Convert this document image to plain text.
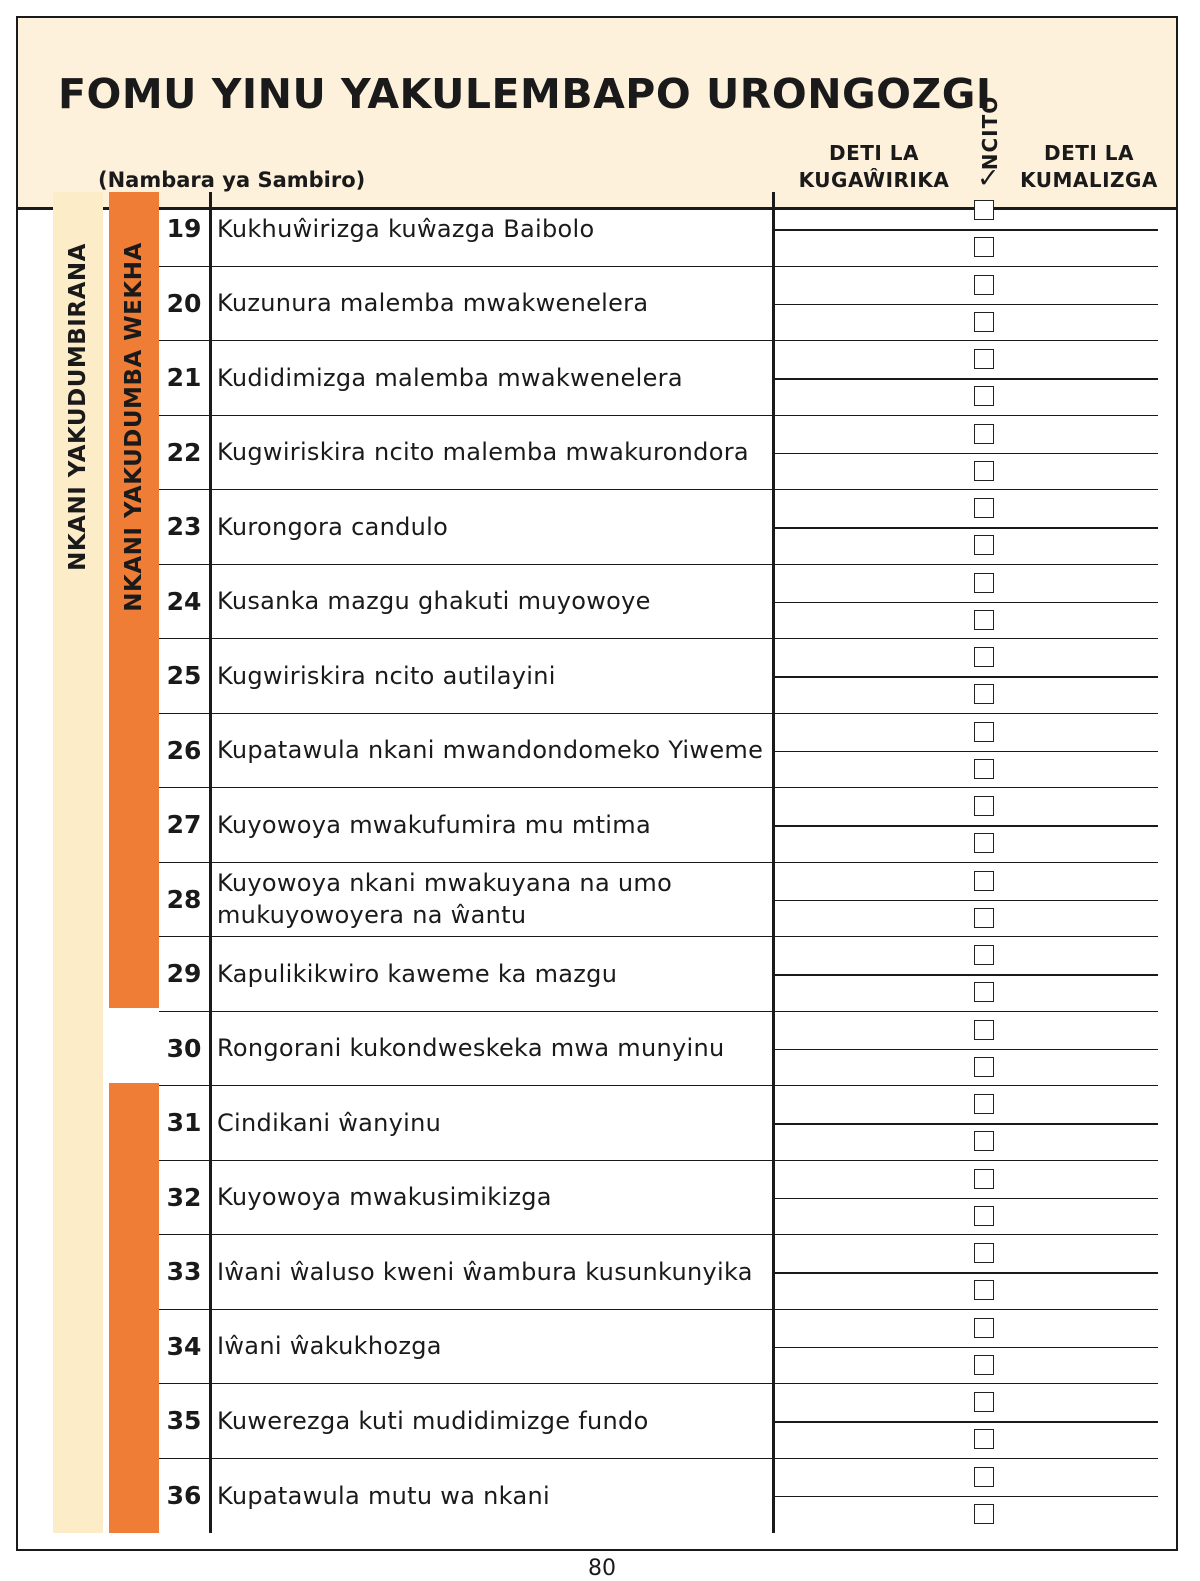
FOMU YINU YAKULEMBAPO URONGOZGI
(Nambara ya Sambiro)
DETI LA
KUGAŴIRIKA
NCITO
✓
DETI LA
KUMALIZGA
NKANI YAKUDUMBIRANA NKANI YAKUDUMBA WEKHA
19 Kukhuŵirizga kuŵazga Baibolo
20 Kuzunura malemba mwakwenelera
21 Kudidimizga malemba mwakwenelera
22 Kugwiriskira ncito malemba mwakurondora
23 Kurongora candulo
24 Kusanka mazgu ghakuti muyowoye
25 Kugwiriskira ncito autilayini
26 Kupatawula nkani mwandondomeko Yiweme
27 Kuyowoya mwakufumira mu mtima
28
Kuyowoya nkani mwakuyana na umo mukuyowoyera na ŵantu
29 Kapulikikwiro kaweme ka mazgu
30 Rongorani kukondweskeka mwa munyinu
31 Cindikani ŵanyinu
32 Kuyowoya mwakusimikizga
33 Iŵani ŵaluso kweni ŵambura kusunkunyika
34 Iŵani ŵakukhozga
35 Kuwerezga kuti mudidimizge fundo
36 Kupatawula mutu wa nkani
80
